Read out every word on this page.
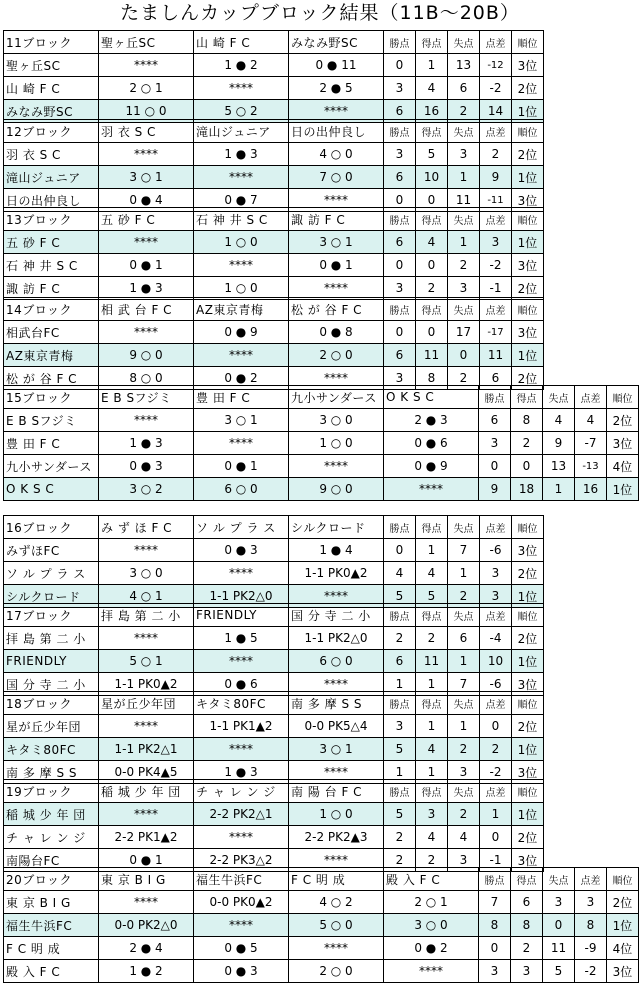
たましんカップブロック結果（11B～20B）
11ブロック	聖ヶ丘SC	山 崎 F C	みなみ野SC	勝点	得点	失点	点差	順位
聖ヶ丘SC	****	1 ● 2	0 ● 11	0	1	13	-12	3位
山 崎 F C	2 ○ 1	****	2 ● 5	3	4	6	-2	2位
みなみ野SC	11 ○ 0	5 ○ 2	****	6	16	2	14	1位
12ブロック	羽 衣 S C	滝山ジュニア	日の出仲良し	勝点	得点	失点	点差	順位
羽 衣 S C	****	1 ● 3	4 ○ 0	3	5	3	2	2位
滝山ジュニア	3 ○ 1	****	7 ○ 0	6	10	1	9	1位
日の出仲良し	0 ● 4	0 ● 7	****	0	0	11	-11	3位
13ブロック	五 砂 F C	石 神 井 S C	諏 訪 F C	勝点	得点	失点	点差	順位
五 砂 F C	****	1 ○ 0	3 ○ 1	6	4	1	3	1位
石 神 井 S C	0 ● 1	****	0 ● 1	0	0	2	-2	3位
諏 訪 F C	1 ● 3	1 ○ 0	****	3	2	3	-1	2位
14ブロック	相 武 台 F C	AZ東京青梅	松 が 谷 F C	勝点	得点	失点	点差	順位
相武台FC	****	0 ● 9	0 ● 8	0	0	17	-17	3位
AZ東京青梅	9 ○ 0	****	2 ○ 0	6	11	0	11	1位
松 が 谷 F C	8 ○ 0	0 ● 2	****	3	8	2	6	2位
15ブロック	E B Sフジミ	豊 田 F C	九小サンダース	O K S C	勝点	得点	失点	点差	順位
E B Sフジミ	****	3 ○ 1	3 ○ 0	2 ● 3	6	8	4	4	2位
豊 田 F C	1 ● 3	****	1 ○ 0	0 ● 6	3	2	9	-7	3位
九小サンダース	0 ● 3	0 ● 1	****	0 ● 9	0	0	13	-13	4位
O K S C	3 ○ 2	6 ○ 0	9 ○ 0	****	9	18	1	16	1位
16ブロック	み ず ほ F C	ソ ル プ ラ ス	シルクロード	勝点	得点	失点	点差	順位
みずほFC	****	0 ● 3	1 ● 4	0	1	7	-6	3位
ソ ル プ ラ ス	3 ○ 0	****	1-1 PK0▲2	4	4	1	3	2位
シルクロード	4 ○ 1	1-1 PK2△0	****	5	5	2	3	1位
17ブロック	拝 島 第 二 小	FRIENDLY	国 分 寺 二 小	勝点	得点	失点	点差	順位
拝 島 第 二 小	****	1 ● 5	1-1 PK2△0	2	2	6	-4	2位
FRIENDLY	5 ○ 1	****	6 ○ 0	6	11	1	10	1位
国 分 寺 二 小	1-1 PK0▲2	0 ● 6	****	1	1	7	-6	3位
18ブロック	星が丘少年団	キタミ80FC	南 多 摩 S S	勝点	得点	失点	点差	順位
星が丘少年団	****	1-1 PK1▲2	0-0 PK5△4	3	1	1	0	2位
キタミ80FC	1-1 PK2△1	****	3 ○ 1	5	4	2	2	1位
南 多 摩 S S	0-0 PK4▲5	1 ● 3	****	1	1	3	-2	3位
19ブロック	稲 城 少 年 団	チ ャ レ ン ジ	南 陽 台 F C	勝点	得点	失点	点差	順位
稲 城 少 年 団	****	2-2 PK2△1	1 ○ 0	5	3	2	1	1位
チ ャ レ ン ジ	2-2 PK1▲2	****	2-2 PK2▲3	2	4	4	0	2位
南陽台FC	0 ● 1	2-2 PK3△2	****	2	2	3	-1	3位
20ブロック	東 京 B I G	福生牛浜FC	F C 明 成	殿 入 F C	勝点	得点	失点	点差	順位
東 京 B I G	****	0-0 PK0▲2	4 ○ 2	2 ○ 1	7	6	3	3	2位
福生牛浜FC	0-0 PK2△0	****	5 ○ 0	3 ○ 0	8	8	0	8	1位
F C 明 成	2 ● 4	0 ● 5	****	0 ● 2	0	2	11	-9	4位
殿 入 F C	1 ● 2	0 ● 3	2 ○ 0	****	3	3	5	-2	3位
